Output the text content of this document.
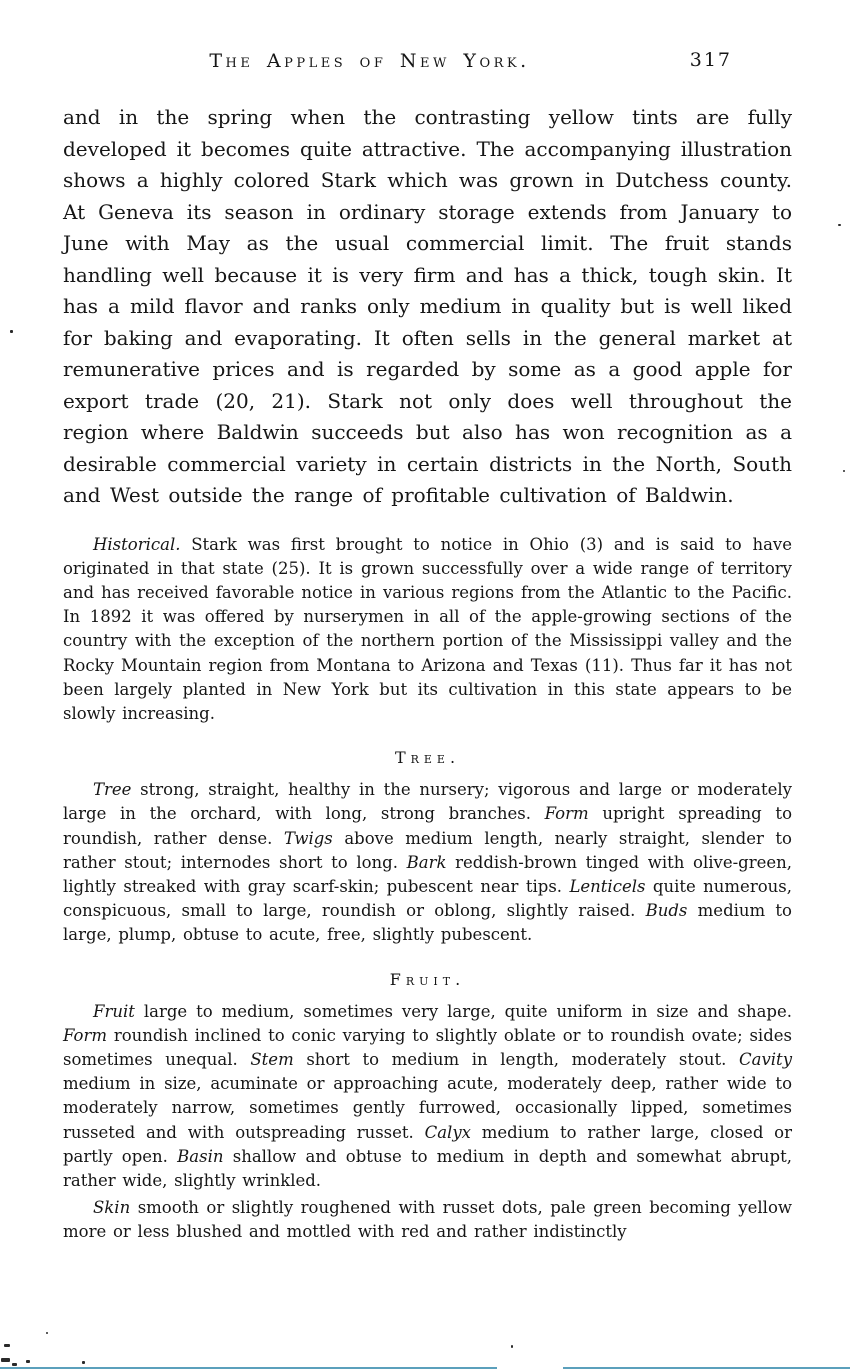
The Apples of New York.	317

and in the spring when the contrasting yellow tints are fully developed it becomes quite attractive. The accompanying illustration shows a highly colored Stark which was grown in Dutchess county. At Geneva its season in ordinary storage extends from January to June with May as the usual commercial limit. The fruit stands handling well because it is very firm and has a thick, tough skin. It has a mild flavor and ranks only medium in quality but is well liked for baking and evaporating. It often sells in the general market at remunerative prices and is regarded by some as a good apple for export trade (20, 21). Stark not only does well throughout the region where Baldwin succeeds but also has won recognition as a desirable commercial variety in certain districts in the North, South and West outside the range of profitable cultivation of Baldwin.

Historical. Stark was first brought to notice in Ohio (3) and is said to have originated in that state (25). It is grown successfully over a wide range of territory and has received favorable notice in various regions from the Atlantic to the Pacific. In 1892 it was offered by nurserymen in all of the apple-growing sections of the country with the exception of the northern portion of the Mississippi valley and the Rocky Mountain region from Montana to Arizona and Texas (11). Thus far it has not been largely planted in New York but its cultivation in this state appears to be slowly increasing.

Tree.

Tree strong, straight, healthy in the nursery; vigorous and large or moderately large in the orchard, with long, strong branches. Form upright spreading to roundish, rather dense. Twigs above medium length, nearly straight, slender to rather stout; internodes short to long. Bark reddish-brown tinged with olive-green, lightly streaked with gray scarf-skin; pubescent near tips. Lenticels quite numerous, conspicuous, small to large, roundish or oblong, slightly raised. Buds medium to large, plump, obtuse to acute, free, slightly pubescent.

Fruit.

Fruit large to medium, sometimes very large, quite uniform in size and shape. Form roundish inclined to conic varying to slightly oblate or to roundish ovate; sides sometimes unequal. Stem short to medium in length, moderately stout. Cavity medium in size, acuminate or approaching acute, moderately deep, rather wide to moderately narrow, sometimes gently furrowed, occasionally lipped, sometimes russeted and with outspreading russet. Calyx medium to rather large, closed or partly open. Basin shallow and obtuse to medium in depth and somewhat abrupt, rather wide, slightly wrinkled.

Skin smooth or slightly roughened with russet dots, pale green becoming yellow more or less blushed and mottled with red and rather indistinctly
